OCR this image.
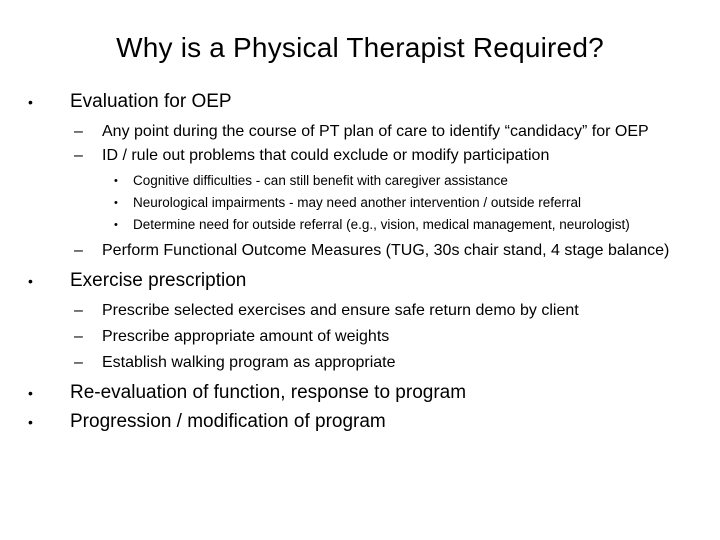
Why is a Physical Therapist Required?
• Evaluation for OEP
– Any point during the course of PT plan of care to identify “candidacy” for OEP
– ID / rule out problems that could exclude or modify participation
• Cognitive difficulties - can still benefit with caregiver assistance
• Neurological impairments - may need another intervention / outside referral
• Determine need for outside referral (e.g., vision, medical management, neurologist)
– Perform Functional Outcome Measures (TUG, 30s chair stand, 4 stage balance)
• Exercise prescription
– Prescribe selected exercises and ensure safe return demo by client
– Prescribe appropriate amount of weights
– Establish walking program as appropriate
• Re-evaluation of function, response to program
• Progression / modification of program
